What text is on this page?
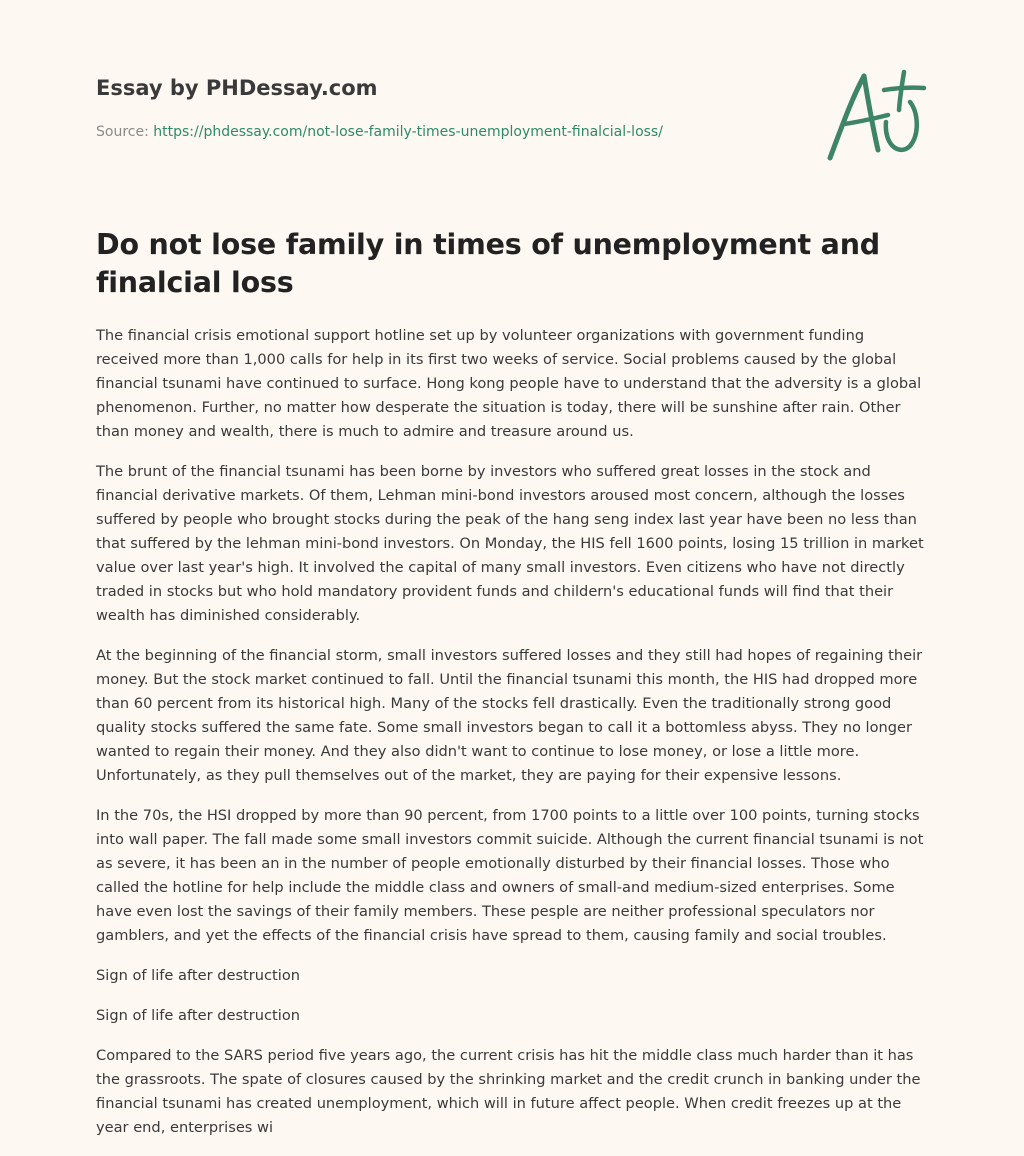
Essay by PHDessay.com
Source: https://phdessay.com/not-lose-family-times-unemployment-finalcial-loss/
Do not lose family in times of unemployment and finalcial loss

The financial crisis emotional support hotline set up by volunteer organizations with government funding received more than 1,000 calls for help in its first two weeks of service. Social problems caused by the global financial tsunami have continued to surface. Hong kong people have to understand that the adversity is a global phenomenon. Further, no matter how desperate the situation is today, there will be sunshine after rain. Other than money and wealth, there is much to admire and treasure around us.

The brunt of the financial tsunami has been borne by investors who suffered great losses in the stock and financial derivative markets. Of them, Lehman mini-bond investors aroused most concern, although the losses suffered by people who brought stocks during the peak of the hang seng index last year have been no less than that suffered by the lehman mini-bond investors. On Monday, the HIS fell 1600 points, losing 15 trillion in market value over last year's high. It involved the capital of many small investors. Even citizens who have not directly traded in stocks but who hold mandatory provident funds and childern's educational funds will find that their wealth has diminished considerably.

At the beginning of the financial storm, small investors suffered losses and they still had hopes of regaining their money. But the stock market continued to fall. Until the financial tsunami this month, the HIS had dropped more than 60 percent from its historical high. Many of the stocks fell drastically. Even the traditionally strong good quality stocks suffered the same fate. Some small investors began to call it a bottomless abyss. They no longer wanted to regain their money. And they also didn't want to continue to lose money, or lose a little more. Unfortunately, as they pull themselves out of the market, they are paying for their expensive lessons.

In the 70s, the HSI dropped by more than 90 percent, from 1700 points to a little over 100 points, turning stocks into wall paper. The fall made some small investors commit suicide. Although the current financial tsunami is not as severe, it has been an in the number of people emotionally disturbed by their financial losses. Those who called the hotline for help include the middle class and owners of small-and medium-sized enterprises. Some have even lost the savings of their family members. These pesple are neither professional speculators nor gamblers, and yet the effects of the financial crisis have spread to them, causing family and social troubles.

Sign of life after destruction

Sign of life after destruction

Compared to the SARS period five years ago, the current crisis has hit the middle class much harder than it has the grassroots. The spate of closures caused by the shrinking market and the credit crunch in banking under the financial tsunami has created unemployment, which will in future affect people. When credit freezes up at the year end, enterprises wi
